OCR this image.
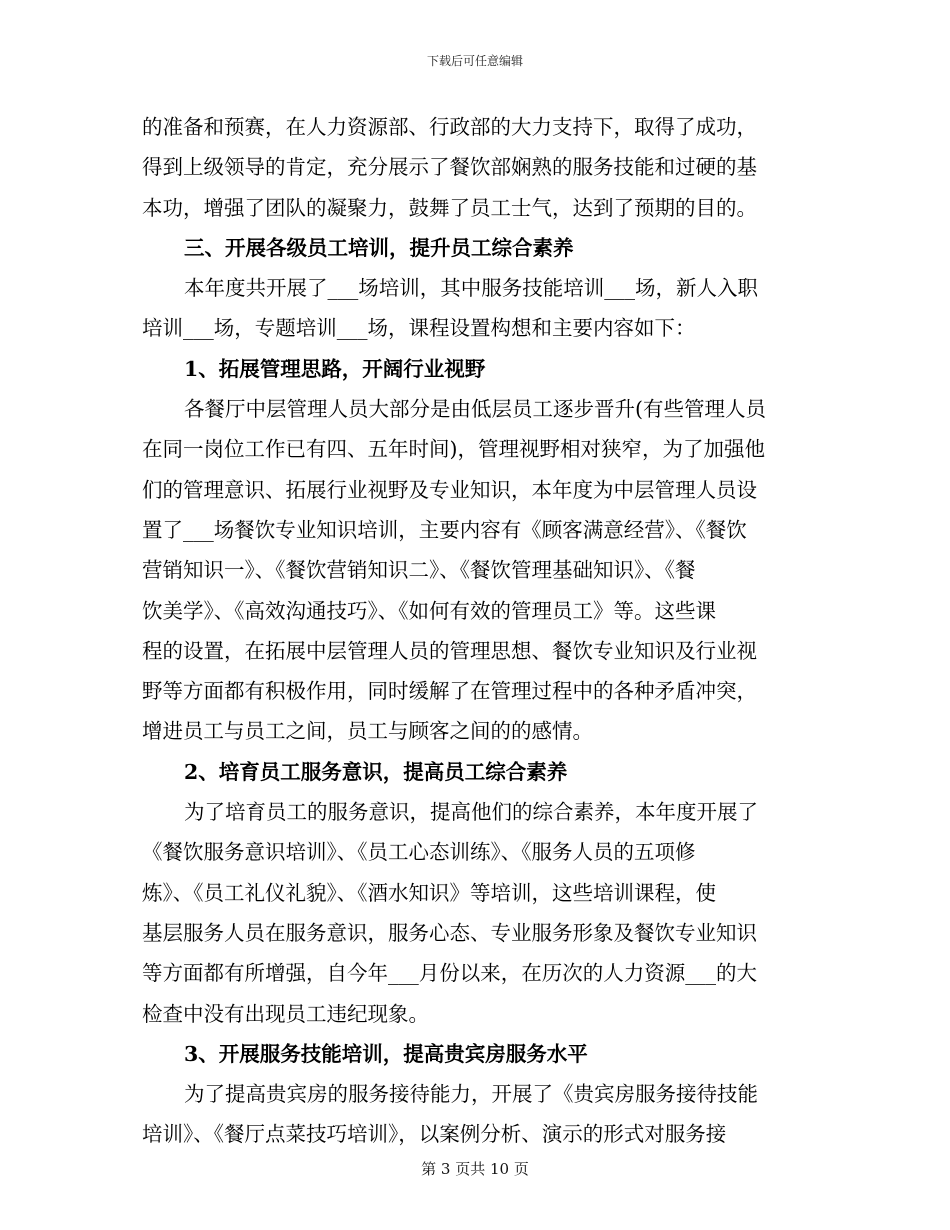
下载后可任意编辑
的准备和预赛，在人力资源部、行政部的大力支持下，取得了成功，
得到上级领导的肯定，充分展示了餐饮部娴熟的服务技能和过硬的基
本功，增强了团队的凝聚力，鼓舞了员工士气，达到了预期的目的。
三、开展各级员工培训，提升员工综合素养
本年度共开展了___场培训，其中服务技能培训___场，新人入职
培训___场，专题培训___场，课程设置构想和主要内容如下：
1、拓展管理思路，开阔行业视野
各餐厅中层管理人员大部分是由低层员工逐步晋升(有些管理人员
在同一岗位工作已有四、五年时间)，管理视野相对狭窄，为了加强他
们的管理意识、拓展行业视野及专业知识，本年度为中层管理人员设
置了___场餐饮专业知识培训，主要内容有《顾客满意经营》、《餐饮
营销知识一》、《餐饮营销知识二》、《餐饮管理基础知识》、《餐
饮美学》、《高效沟通技巧》、《如何有效的管理员工》等。这些课
程的设置，在拓展中层管理人员的管理思想、餐饮专业知识及行业视
野等方面都有积极作用，同时缓解了在管理过程中的各种矛盾冲突，
增进员工与员工之间，员工与顾客之间的的感情。
2、培育员工服务意识，提高员工综合素养
为了培育员工的服务意识，提高他们的综合素养，本年度开展了
《餐饮服务意识培训》、《员工心态训练》、《服务人员的五项修
炼》、《员工礼仪礼貌》、《酒水知识》等培训，这些培训课程，使
基层服务人员在服务意识，服务心态、专业服务形象及餐饮专业知识
等方面都有所增强，自今年___月份以来，在历次的人力资源___的大
检查中没有出现员工违纪现象。
3、开展服务技能培训，提高贵宾房服务水平
为了提高贵宾房的服务接待能力，开展了《贵宾房服务接待技能
培训》、《餐厅点菜技巧培训》，以案例分析、演示的形式对服务接
第 3 页共 10 页
